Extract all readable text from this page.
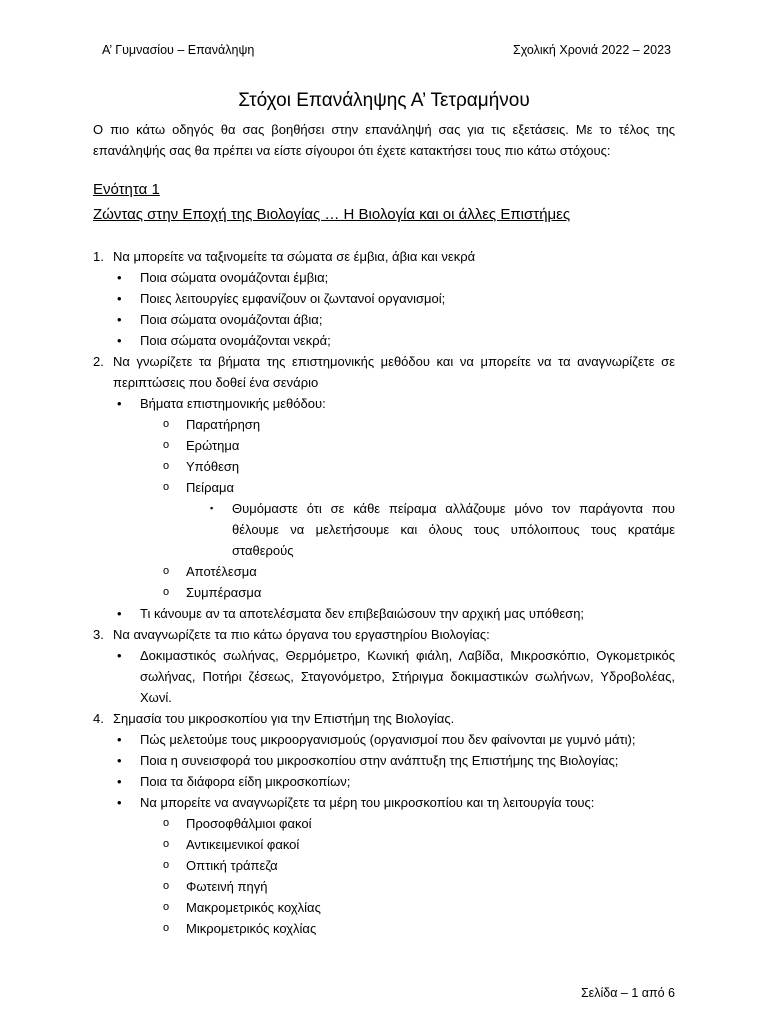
Α’ Γυμνασίου – Επανάληψη	Σχολική Χρονιά 2022 – 2023
Στόχοι Επανάληψης Α’ Τετραμήνου
Ο πιο κάτω οδηγός θα σας βοηθήσει στην επανάληψή σας για τις εξετάσεις. Με το τέλος της επανάληψής σας θα πρέπει να είστε σίγουροι ότι έχετε κατακτήσει τους πιο κάτω στόχους:
Ενότητα 1
Ζώντας στην Εποχή της Βιολογίας … Η Βιολογία και οι άλλες Επιστήμες
1. Να μπορείτε να ταξινομείτε τα σώματα σε έμβια, άβια και νεκρά
• Ποια σώματα ονομάζονται έμβια;
• Ποιες λειτουργίες εμφανίζουν οι ζωντανοί οργανισμοί;
• Ποια σώματα ονομάζονται άβια;
• Ποια σώματα ονομάζονται νεκρά;
2. Να γνωρίζετε τα βήματα της επιστημονικής μεθόδου και να μπορείτε να τα αναγνωρίζετε σε περιπτώσεις που δοθεί ένα σενάριο
• Βήματα επιστημονικής μεθόδου:
o Παρατήρηση
o Ερώτημα
o Υπόθεση
o Πείραμα
▪ Θυμόμαστε ότι σε κάθε πείραμα αλλάζουμε μόνο τον παράγοντα που θέλουμε να μελετήσουμε και όλους τους υπόλοιπους τους κρατάμε σταθερούς
o Αποτέλεσμα
o Συμπέρασμα
• Τι κάνουμε αν τα αποτελέσματα δεν επιβεβαιώσουν την αρχική μας υπόθεση;
3. Να αναγνωρίζετε τα πιο κάτω όργανα του εργαστηρίου Βιολογίας:
• Δοκιμαστικός σωλήνας, Θερμόμετρο, Κωνική φιάλη, Λαβίδα, Μικροσκόπιο, Ογκομετρικός σωλήνας, Ποτήρι ζέσεως, Σταγονόμετρο, Στήριγμα δοκιμαστικών σωλήνων, Υδροβολέας, Χωνί.
4. Σημασία του μικροσκοπίου για την Επιστήμη της Βιολογίας.
• Πώς μελετούμε τους μικροοργανισμούς (οργανισμοί που δεν φαίνονται με γυμνό μάτι);
• Ποια η συνεισφορά του μικροσκοπίου στην ανάπτυξη της Επιστήμης της Βιολογίας;
• Ποια τα διάφορα είδη μικροσκοπίων;
• Να μπορείτε να αναγνωρίζετε τα μέρη του μικροσκοπίου και τη λειτουργία τους:
o Προσοφθάλμιοι φακοί
o Αντικειμενικοί φακοί
o Οπτική τράπεζα
o Φωτεινή πηγή
o Μακρομετρικός κοχλίας
o Μικρομετρικός κοχλίας
Σελίδα – 1 από 6
